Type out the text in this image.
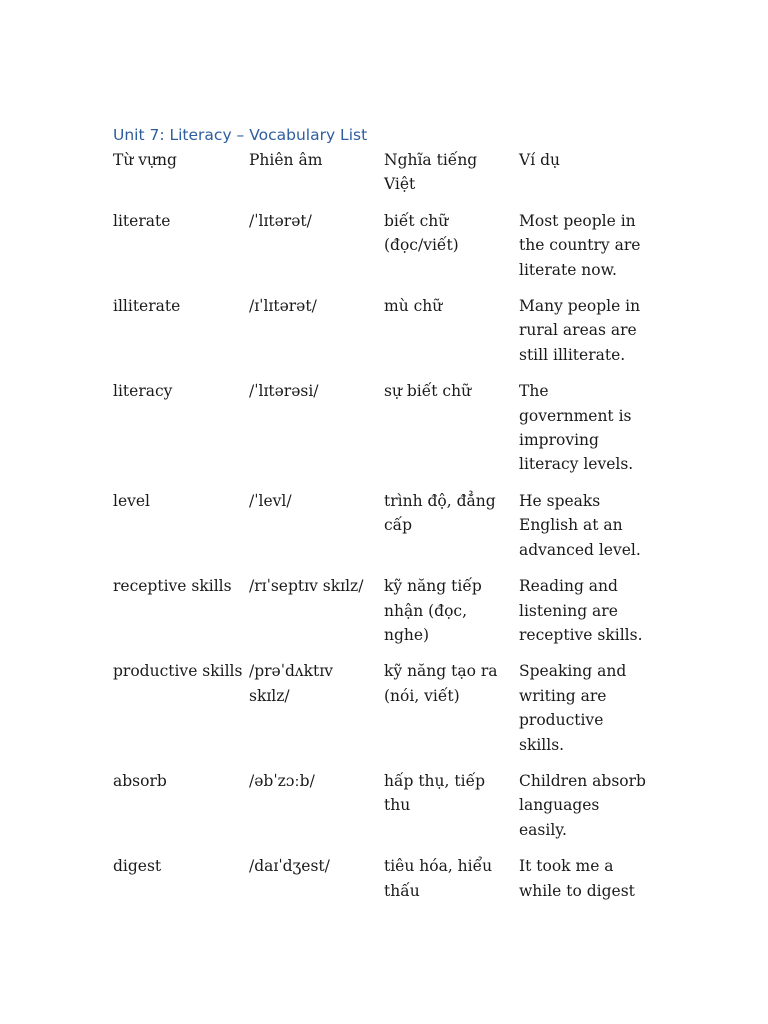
Unit 7: Literacy – Vocabulary List
Từ vựng	Phiên âm	Nghĩa tiếng Việt	Ví dụ

literate	/ˈlɪtərət/	biết chữ (đọc/viết)	Most people in the country are literate now.

illiterate	/ɪˈlɪtərət/	mù chữ	Many people in rural areas are still illiterate.

literacy	/ˈlɪtərəsi/	sự biết chữ	The government is improving literacy levels.

level	/ˈlevl/	trình độ, đẳng cấp	He speaks English at an advanced level.

receptive skills	/rɪˈseptɪv skɪlz/	kỹ năng tiếp nhận (đọc, nghe)	Reading and listening are receptive skills.

productive skills	/prəˈdʌktɪv skɪlz/	kỹ năng tạo ra (nói, viết)	Speaking and writing are productive skills.

absorb	/əbˈzɔːb/	hấp thụ, tiếp thu	Children absorb languages easily.

digest	/daɪˈdʒest/	tiêu hóa, hiểu thấu	It took me a while to digest
